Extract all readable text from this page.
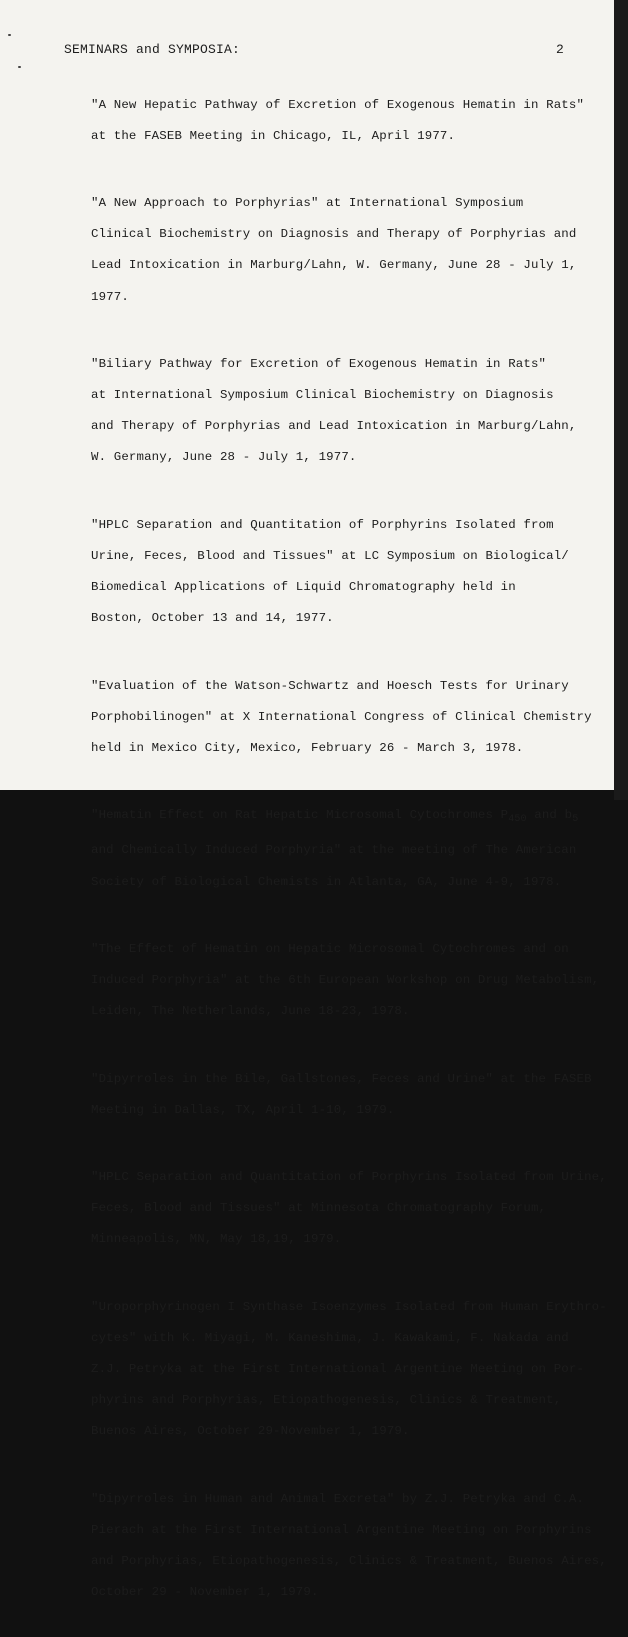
SEMINARS and SYMPOSIA:	2

"A New Hepatic Pathway of Excretion of Exogenous Hematin in Rats"

at the FASEB Meeting in Chicago, IL, April 1977.

"A New Approach to Porphyrias" at International Symposium

Clinical Biochemistry on Diagnosis and Therapy of Porphyrias and

Lead Intoxication in Marburg/Lahn, W. Germany, June 28 - July 1,

1977.

"Biliary Pathway for Excretion of Exogenous Hematin in Rats"

at International Symposium Clinical Biochemistry on Diagnosis

and Therapy of Porphyrias and Lead Intoxication in Marburg/Lahn,

W. Germany, June 28 - July 1, 1977.

"HPLC Separation and Quantitation of Porphyrins Isolated from

Urine, Feces, Blood and Tissues" at LC Symposium on Biological/

Biomedical Applications of Liquid Chromatography held in

Boston, October 13 and 14, 1977.

"Evaluation of the Watson-Schwartz and Hoesch Tests for Urinary

Porphobilinogen" at X International Congress of Clinical Chemistry

held in Mexico City, Mexico, February 26 - March 3, 1978.

"Hematin Effect on Rat Hepatic Microsomal Cytochromes $P_{450}$ and $b_5$

and Chemically Induced Porphyria" at the meeting of The American

Society of Biological Chemists in Atlanta, GA, June 4-9, 1978.

"The Effect of Hematin on Hepatic Microsomal Cytochromes and on

Induced Porphyria" at the 6th European Workshop on Drug Metabolism,

Leiden, The Netherlands, June 18-23, 1978.

"Dipyrroles in the Bile, Gallstones, Feces and Urine" at the FASEB

Meeting in Dallas, TX, April 1-10, 1979.

"HPLC Separation and Quantitation of Porphyrins Isolated from Urine,

Feces, Blood and Tissues" at Minnesota Chromatography Forum,

Minneapolis, MN, May 18,19, 1979.

"Uroporphyrinogen I Synthase Isoenzymes Isolated from Human Erythro-

cytes" with K. Miyagi, M. Kaneshima, J. Kawakami, F. Nakada and

Z.J. Petryka at the First International Argentine Meeting on Por-

phyrins and Porphyrias, Etiopathogenesis, Clinics & Treatment,

Buenos Aires, October 29-November 1, 1979.

"Dipyrroles in Human and Animal Excreta" by Z.J. Petryka and C.A.

Pierach at the First International Argentine Meeting on Porphyrins

and Porphyrias, Etiopathogenesis, Clinics & Treatment, Buenos Aires,

October 29 - November 1, 1979.
